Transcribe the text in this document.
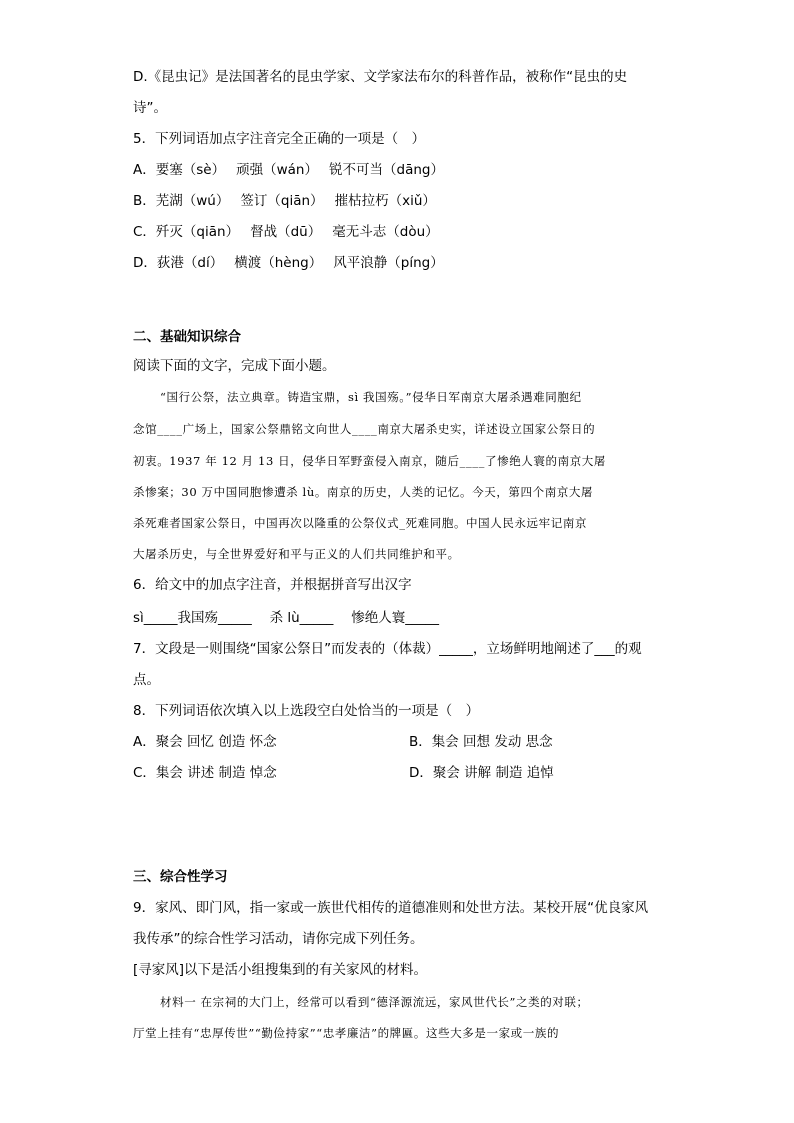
D.《昆虫记》是法国著名的昆虫学家、文学家法布尔的科普作品，被称作“昆虫的史
诗”。
5．下列词语加点字注音完全正确的一项是（　）
A．要塞（sè）　 顽强（wán）　 锐不可当（dāng）
B．芜湖（wú）　 签订（qiān）　 摧枯拉朽（xiǔ）
C．歼灭（qiān）　 督战（dū）　 毫无斗志（dòu）
D．荻港（dí）　 横渡（hèng）　 风平浪静（píng）
二、基础知识综合
阅读下面的文字，完成下面小题。
“国行公祭，法立典章。铸造宝鼎，sì 我国殇。”侵华日军南京大屠杀遇难同胞纪
念馆____广场上，国家公祭鼎铭文向世人____南京大屠杀史实，详述设立国家公祭日的
初衷。1937 年 12 月 13 日，侵华日军野蛮侵入南京，随后____了惨绝人寰的南京大屠
杀惨案；30 万中国同胞惨遭杀 lù。南京的历史，人类的记忆。今天，第四个南京大屠
杀死难者国家公祭日，中国再次以隆重的公祭仪式_死难同胞。中国人民永远牢记南京
大屠杀历史，与全世界爱好和平与正义的人们共同维护和平。
6．给文中的加点字注音，并根据拼音写出汉字
sì_____我国殇_____　 杀 lù_____　 惨绝人寰_____
7．文段是一则围绕“国家公祭日”而发表的（体裁）_____，立场鲜明地阐述了___的观
点。
8．下列词语依次填入以上选段空白处恰当的一项是（　）
A．聚会 回忆 创造 怀念	B．集会 回想 发动 思念
C．集会 讲述 制造 悼念	D．聚会 讲解 制造 追悼
三、综合性学习
9．家风、即门风，指一家或一族世代相传的道德准则和处世方法。某校开展“优良家风
我传承”的综合性学习活动，请你完成下列任务。
[寻家风]以下是活小组搜集到的有关家风的材料。
材料一 在宗祠的大门上，经常可以看到“德泽源流远，家风世代长”之类的对联；
厅堂上挂有“忠厚传世”“勤俭持家”“忠孝廉洁”的牌匾。这些大多是一家或一族的
